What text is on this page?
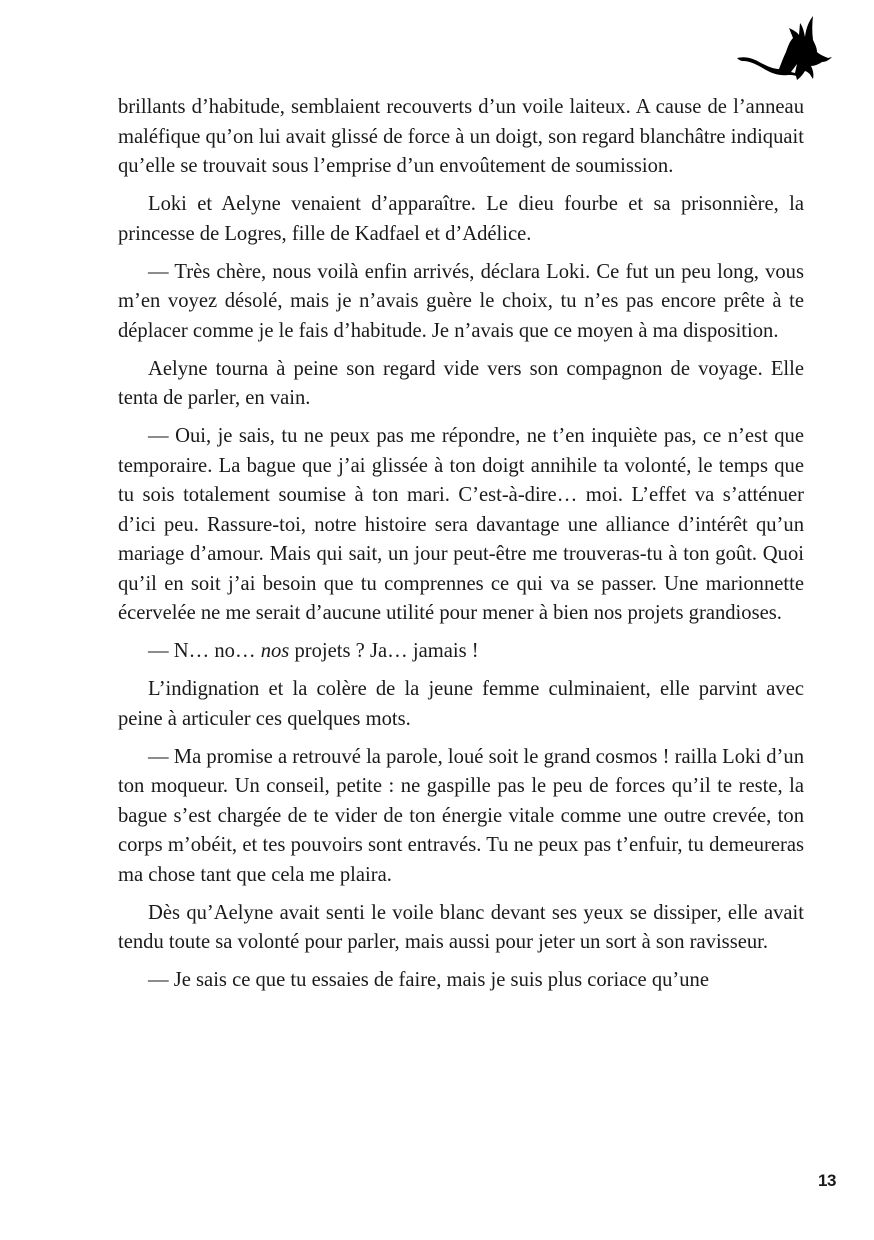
brillants d’habitude, semblaient recouverts d’un voile laiteux. A cause de l’anneau maléfique qu’on lui avait glissé de force à un doigt, son regard blanchâtre indiquait qu’elle se trouvait sous l’emprise d’un envoûtement de soumission.

Loki et Aelyne venaient d’apparaître. Le dieu fourbe et sa prisonnière, la princesse de Logres, fille de Kadfael et d’Adélice.

— Très chère, nous voilà enfin arrivés, déclara Loki. Ce fut un peu long, vous m’en voyez désolé, mais je n’avais guère le choix, tu n’es pas encore prête à te déplacer comme je le fais d’habitude. Je n’avais que ce moyen à ma disposition.

Aelyne tourna à peine son regard vide vers son compagnon de voyage. Elle tenta de parler, en vain.

— Oui, je sais, tu ne peux pas me répondre, ne t’en inquiète pas, ce n’est que temporaire. La bague que j’ai glissée à ton doigt annihile ta volonté, le temps que tu sois totalement soumise à ton mari. C’est-à-dire… moi. L’effet va s’atténuer d’ici peu. Rassure-toi, notre histoire sera davantage une alliance d’intérêt qu’un mariage d’amour. Mais qui sait, un jour peut-être me trouveras-tu à ton goût. Quoi qu’il en soit j’ai besoin que tu comprennes ce qui va se passer. Une marionnette écervelée ne me serait d’aucune utilité pour mener à bien nos projets grandioses.

— N… no… nos projets ? Ja… jamais !

L’indignation et la colère de la jeune femme culminaient, elle parvint avec peine à articuler ces quelques mots.

— Ma promise a retrouvé la parole, loué soit le grand cosmos ! railla Loki d’un ton moqueur. Un conseil, petite : ne gaspille pas le peu de forces qu’il te reste, la bague s’est chargée de te vider de ton énergie vitale comme une outre crevée, ton corps m’obéit, et tes pouvoirs sont entravés. Tu ne peux pas t’enfuir, tu demeureras ma chose tant que cela me plaira.

Dès qu’Aelyne avait senti le voile blanc devant ses yeux se dissiper, elle avait tendu toute sa volonté pour parler, mais aussi pour jeter un sort à son ravisseur.

— Je sais ce que tu essaies de faire, mais je suis plus coriace qu’une

13
